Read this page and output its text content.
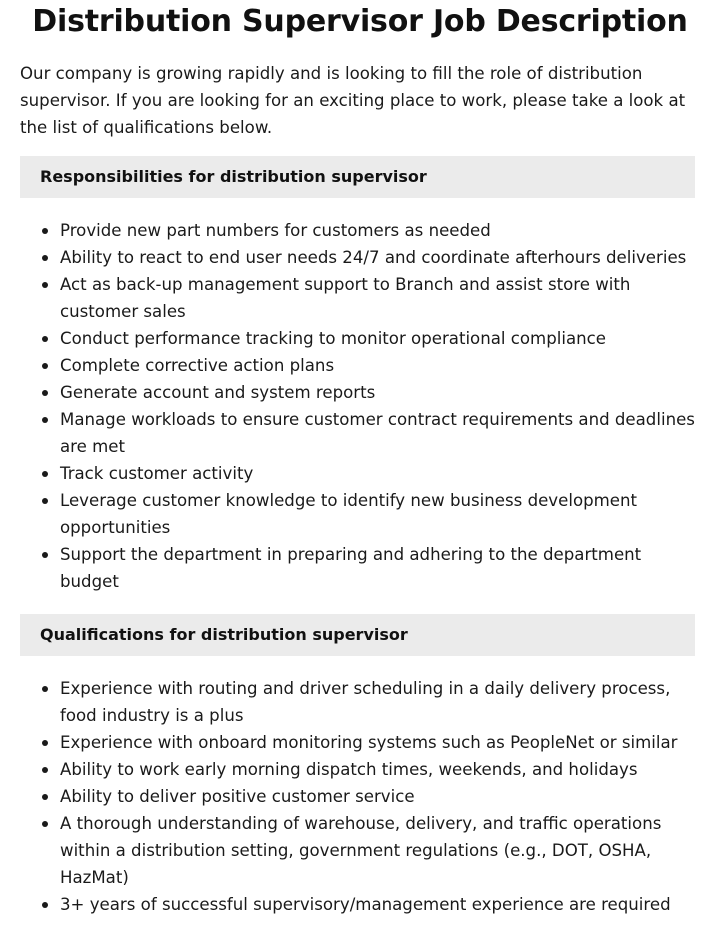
Distribution Supervisor Job Description

Our company is growing rapidly and is looking to fill the role of distribution supervisor. If you are looking for an exciting place to work, please take a look at the list of qualifications below.

Responsibilities for distribution supervisor
Provide new part numbers for customers as needed
Ability to react to end user needs 24/7 and coordinate afterhours deliveries
Act as back-up management support to Branch and assist store with customer sales
Conduct performance tracking to monitor operational compliance
Complete corrective action plans
Generate account and system reports
Manage workloads to ensure customer contract requirements and deadlines are met
Track customer activity
Leverage customer knowledge to identify new business development opportunities
Support the department in preparing and adhering to the department budget
Qualifications for distribution supervisor
Experience with routing and driver scheduling in a daily delivery process, food industry is a plus
Experience with onboard monitoring systems such as PeopleNet or similar
Ability to work early morning dispatch times, weekends, and holidays
Ability to deliver positive customer service
A thorough understanding of warehouse, delivery, and traffic operations within a distribution setting, government regulations (e.g., DOT, OSHA, HazMat)
3+ years of successful supervisory/management experience are required
